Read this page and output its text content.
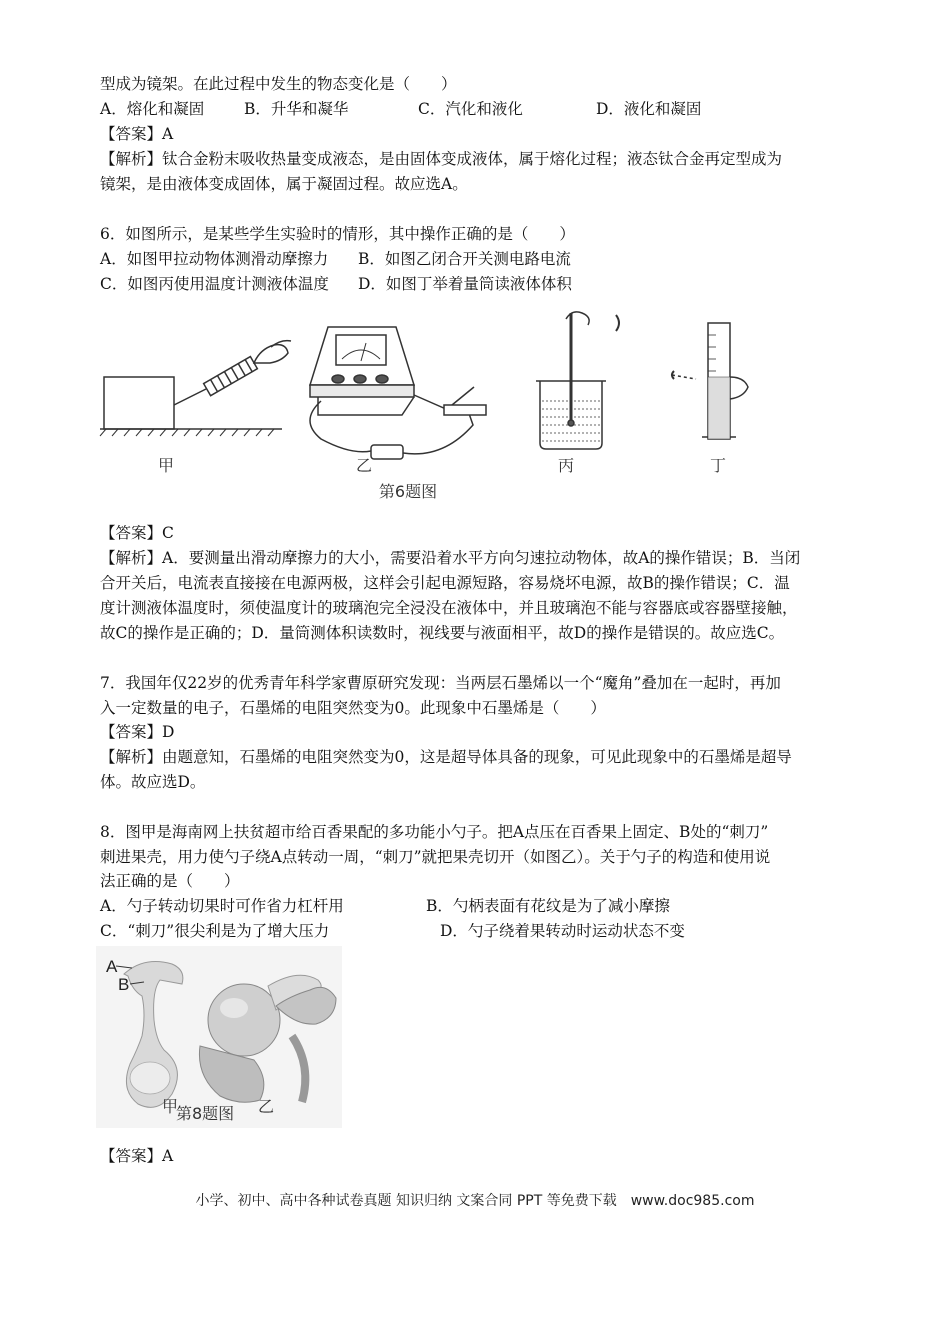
型成为镜架。在此过程中发生的物态变化是（　　）
A．熔化和凝固	B．升华和凝华	C．汽化和液化	D．液化和凝固
【答案】A
【解析】钛合金粉末吸收热量变成液态，是由固体变成液体，属于熔化过程；液态钛合金再定型成为
镜架，是由液体变成固体，属于凝固过程。故应选A。
6．如图所示，是某些学生实验时的情形，其中操作正确的是（　　）
A．如图甲拉动物体测滑动摩擦力 B．如图乙闭合开关测电路电流
C．如图丙使用温度计测液体温度 D．如图丁举着量筒读液体体积
甲	乙	丙	丁
第6题图
【答案】C
【解析】A．要测量出滑动摩擦力的大小，需要沿着水平方向匀速拉动物体，故A的操作错误；B．当闭
合开关后，电流表直接接在电源两极，这样会引起电源短路，容易烧坏电源，故B的操作错误；C．温
度计测液体温度时，须使温度计的玻璃泡完全浸没在液体中，并且玻璃泡不能与容器底或容器壁接触，
故C的操作是正确的；D．量筒测体积读数时，视线要与液面相平，故D的操作是错误的。故应选C。
7．我国年仅22岁的优秀青年科学家曹原研究发现：当两层石墨烯以一个“魔角”叠加在一起时，再加
入一定数量的电子，石墨烯的电阻突然变为0。此现象中石墨烯是（　　）
【答案】D
【解析】由题意知，石墨烯的电阻突然变为0，这是超导体具备的现象，可见此现象中的石墨烯是超导
体。故应选D。
8．图甲是海南网上扶贫超市给百香果配的多功能小勺子。把A点压在百香果上固定、B处的“刺刀”
刺进果壳，用力使勺子绕A点转动一周，“刺刀”就把果壳切开（如图乙）。关于勺子的构造和使用说
法正确的是（　　）
A．勺子转动切果时可作省力杠杆用	B．勺柄表面有花纹是为了减小摩擦
C．“刺刀”很尖利是为了增大压力	D．勺子绕着果转动时运动状态不变
A
B
甲	乙
第8题图
【答案】A
小学、初中、高中各种试卷真题 知识归纳 文案合同 PPT 等免费下载　www.doc985.com
